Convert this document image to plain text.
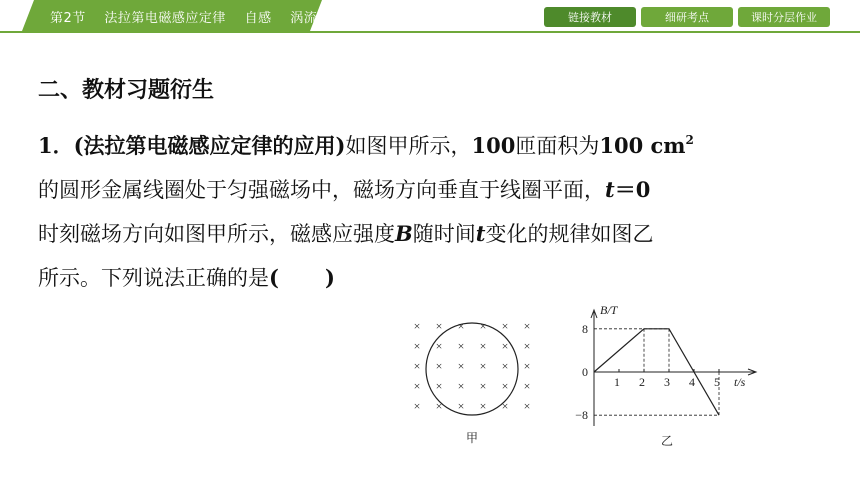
第2节 法拉第电磁感应定律 自感 涡流	链接教材	细研考点	课时分层作业
二、教材习题衍生
1．(法拉第电磁感应定律的应用)如图甲所示，100匝面积为100 $cm^2$
的圆形金属线圈处于匀强磁场中，磁场方向垂直于线圈平面，t＝0
时刻磁场方向如图甲所示，磁感应强度B随时间t变化的规律如图乙
所示。下列说法正确的是( )
× × × × × ×
× × × × × ×
× × × × × ×
× × × × × ×
× × × × × ×
甲
B/T
t/s
8
0
−8
1 2 3 4 5
乙
